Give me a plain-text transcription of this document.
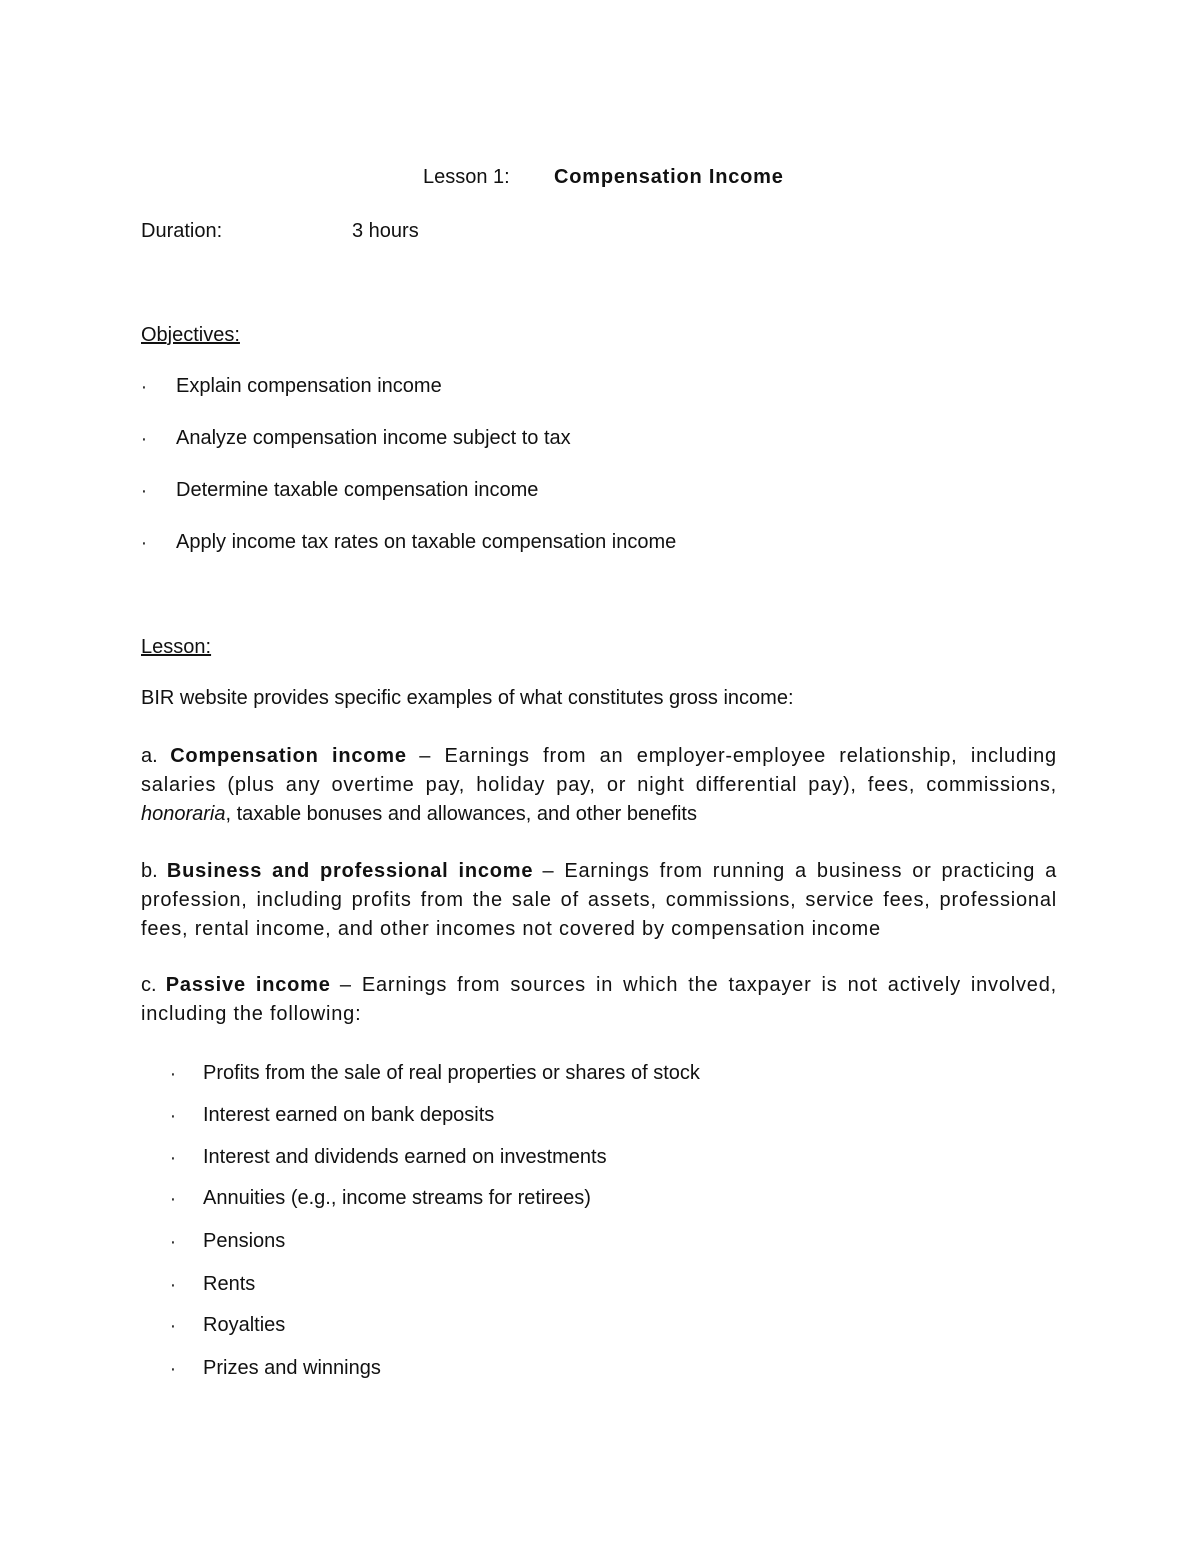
Lesson 1: Compensation Income
Duration:	3 hours
Objectives:
· Explain compensation income
· Analyze compensation income subject to tax
· Determine taxable compensation income
· Apply income tax rates on taxable compensation income
Lesson:
BIR website provides specific examples of what constitutes gross income:
a. Compensation income – Earnings from an employer-employee relationship, including salaries (plus any overtime pay, holiday pay, or night differential pay), fees, commissions, honoraria, taxable bonuses and allowances, and other benefits
b. Business and professional income – Earnings from running a business or practicing a profession, including profits from the sale of assets, commissions, service fees, professional fees, rental income, and other incomes not covered by compensation income
c. Passive income – Earnings from sources in which the taxpayer is not actively involved, including the following:
· Profits from the sale of real properties or shares of stock
· Interest earned on bank deposits
· Interest and dividends earned on investments
· Annuities (e.g., income streams for retirees)
· Pensions
· Rents
· Royalties
· Prizes and winnings
